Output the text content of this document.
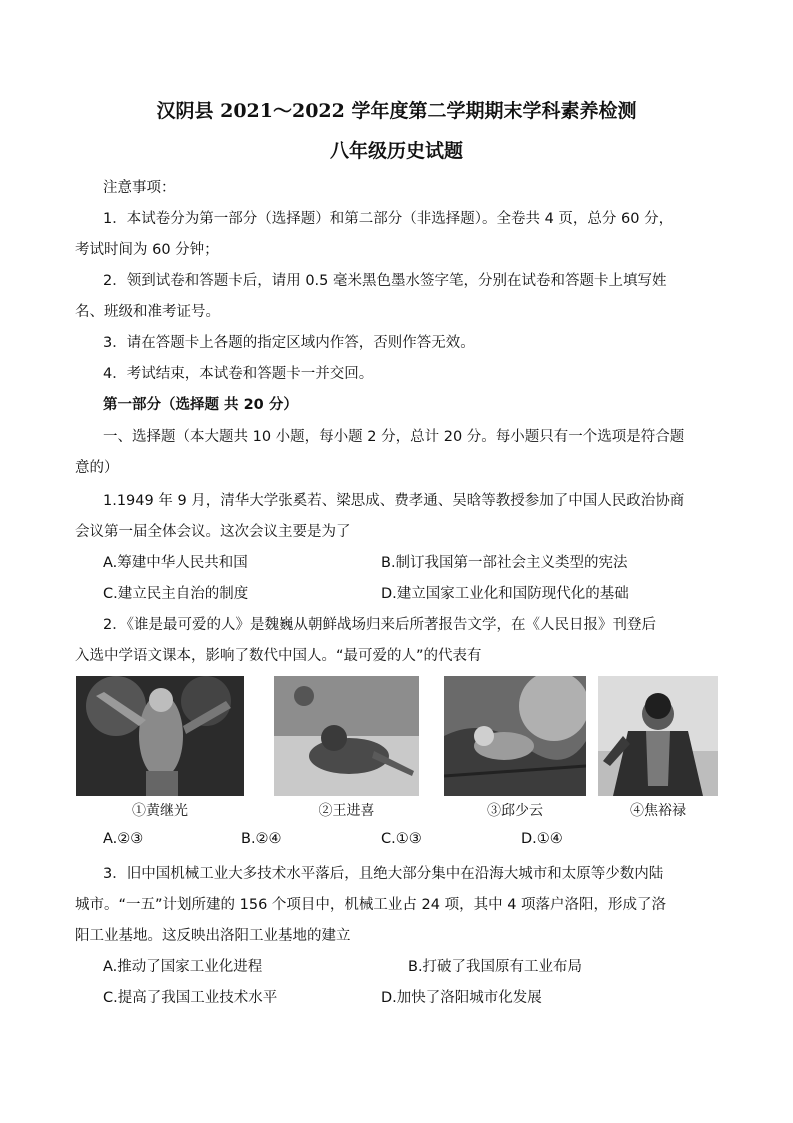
汉阴县 2021～2022 学年度第二学期期末学科素养检测
八年级历史试题
注意事项：
1．本试卷分为第一部分（选择题）和第二部分（非选择题）。全卷共 4 页，总分 60 分，
考试时间为 60 分钟；
2．领到试卷和答题卡后，请用 0.5 毫米黑色墨水签字笔，分别在试卷和答题卡上填写姓
名、班级和准考证号。
3．请在答题卡上各题的指定区域内作答，否则作答无效。
4．考试结束，本试卷和答题卡一并交回。
第一部分（选择题 共 20 分）
一、选择题（本大题共 10 小题，每小题 2 分，总计 20 分。每小题只有一个选项是符合题
意的）
1.1949 年 9 月，清华大学张奚若、梁思成、费孝通、吴晗等教授参加了中国人民政治协商
会议第一届全体会议。这次会议主要是为了
A.筹建中华人民共和国	B.制订我国第一部社会主义类型的宪法
C.建立民主自治的制度	D.建立国家工业化和国防现代化的基础
2．《谁是最可爱的人》是魏巍从朝鲜战场归来后所著报告文学，在《人民日报》刊登后
入选中学语文课本，影响了数代中国人。“最可爱的人”的代表有
①黄继光	②王进喜	③邱少云	④焦裕禄
A.②③	B.②④	C.①③	D.①④
3．旧中国机械工业大多技术水平落后，且绝大部分集中在沿海大城市和太原等少数内陆
城市。“一五”计划所建的 156 个项目中，机械工业占 24 项，其中 4 项落户洛阳，形成了洛
阳工业基地。这反映出洛阳工业基地的建立
A.推动了国家工业化进程	B.打破了我国原有工业布局
C.提高了我国工业技术水平	D.加快了洛阳城市化发展
